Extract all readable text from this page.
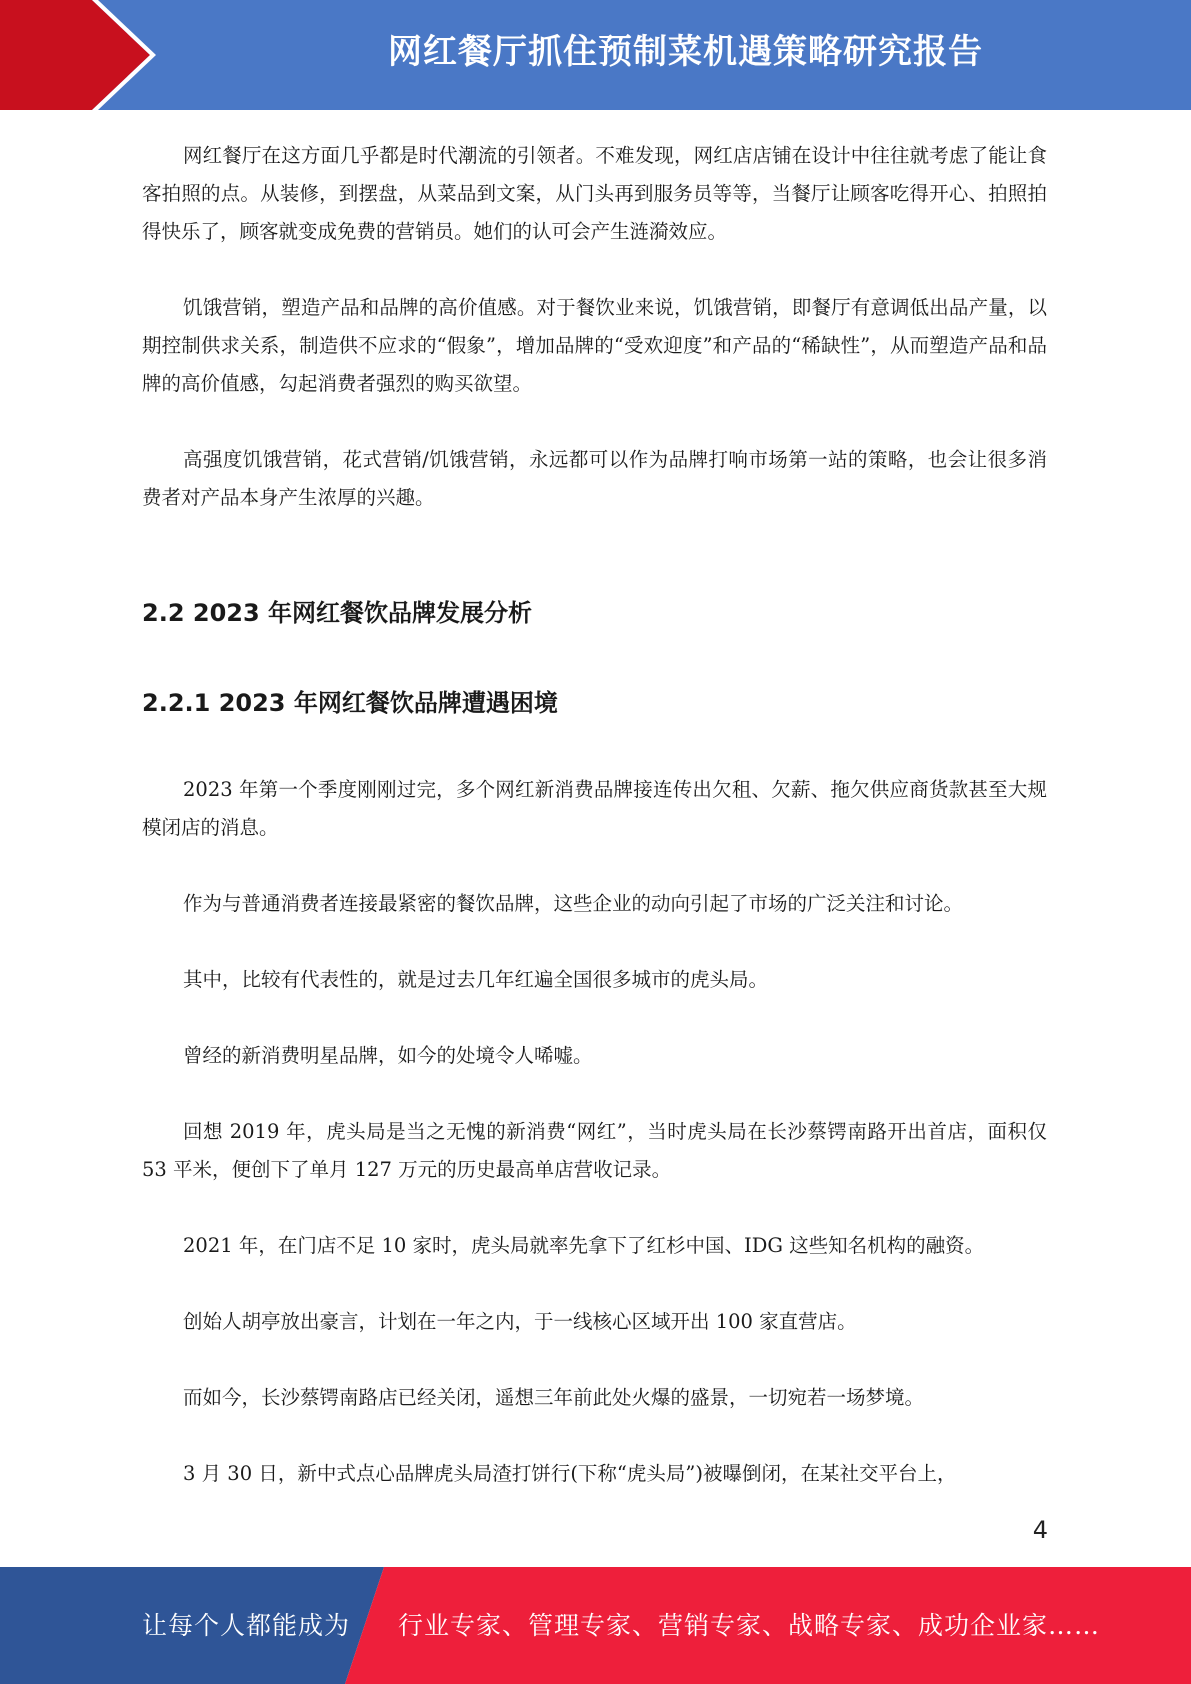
网红餐厅抓住预制菜机遇策略研究报告

网红餐厅在这方面几乎都是时代潮流的引领者。不难发现，网红店店铺在设计中往往就考虑了能让食客拍照的点。从装修，到摆盘，从菜品到文案，从门头再到服务员等等，当餐厅让顾客吃得开心、拍照拍得快乐了，顾客就变成免费的营销员。她们的认可会产生涟漪效应。

饥饿营销，塑造产品和品牌的高价值感。对于餐饮业来说，饥饿营销，即餐厅有意调低出品产量，以期控制供求关系，制造供不应求的“假象”，增加品牌的“受欢迎度”和产品的“稀缺性”，从而塑造产品和品牌的高价值感，勾起消费者强烈的购买欲望。

高强度饥饿营销，花式营销/饥饿营销，永远都可以作为品牌打响市场第一站的策略，也会让很多消费者对产品本身产生浓厚的兴趣。

2.2 2023 年网红餐饮品牌发展分析
2.2.1 2023 年网红餐饮品牌遭遇困境

2023 年第一个季度刚刚过完，多个网红新消费品牌接连传出欠租、欠薪、拖欠供应商货款甚至大规模闭店的消息。

作为与普通消费者连接最紧密的餐饮品牌，这些企业的动向引起了市场的广泛关注和讨论。

其中，比较有代表性的，就是过去几年红遍全国很多城市的虎头局。

曾经的新消费明星品牌，如今的处境令人唏嘘。

回想 2019 年，虎头局是当之无愧的新消费“网红”，当时虎头局在长沙蔡锷南路开出首店，面积仅 53 平米，便创下了单月 127 万元的历史最高单店营收记录。

2021 年，在门店不足 10 家时，虎头局就率先拿下了红杉中国、IDG 这些知名机构的融资。

创始人胡亭放出豪言，计划在一年之内，于一线核心区域开出 100 家直营店。

而如今，长沙蔡锷南路店已经关闭，遥想三年前此处火爆的盛景，一切宛若一场梦境。

3 月 30 日，新中式点心品牌虎头局渣打饼行(下称“虎头局”)被曝倒闭，在某社交平台上，

4
让每个人都能成为 行业专家、管理专家、营销专家、战略专家、成功企业家……
